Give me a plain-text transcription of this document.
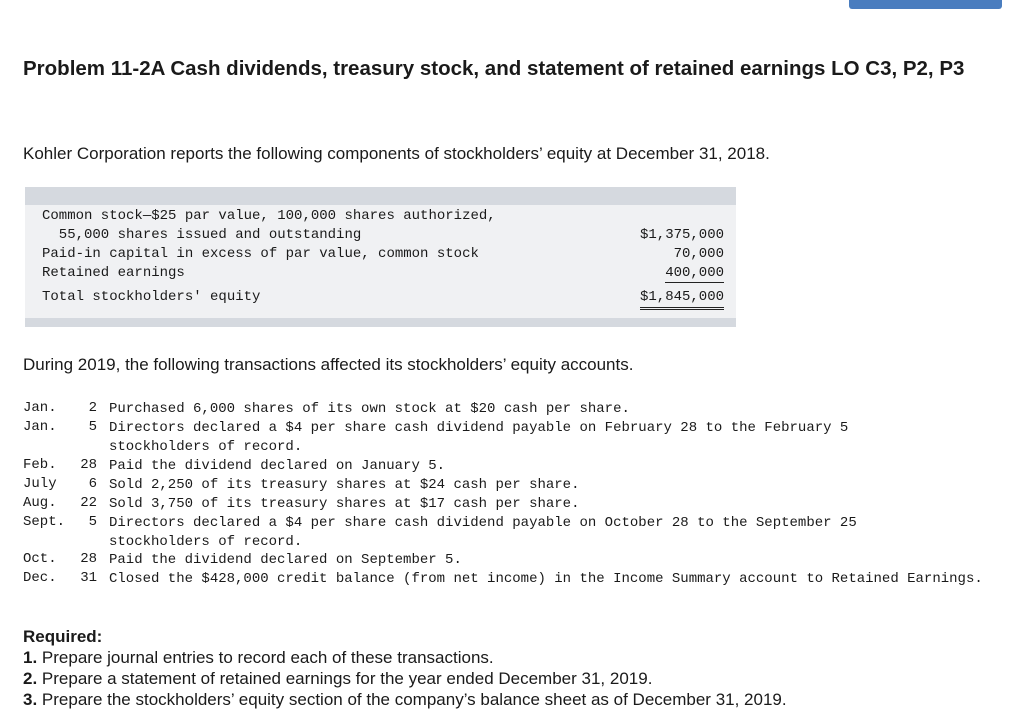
Problem 11-2A Cash dividends, treasury stock, and statement of retained earnings LO C3, P2, P3

Kohler Corporation reports the following components of stockholders’ equity at December 31, 2018.

Common stock—$25 par value, 100,000 shares authorized,
55,000 shares issued and outstanding	$1,375,000
Paid-in capital in excess of par value, common stock	70,000
Retained earnings	400,000
Total stockholders' equity	$1,845,000

During 2019, the following transactions affected its stockholders’ equity accounts.

Jan.	2 Purchased 6,000 shares of its own stock at $20 cash per share.
Jan.	5 Directors declared a $4 per share cash dividend payable on February 28 to the February 5 stockholders of record.
Feb. 28 Paid the dividend declared on January 5.
July	6 Sold 2,250 of its treasury shares at $24 cash per share.
Aug. 22 Sold 3,750 of its treasury shares at $17 cash per share.
Sept.	5 Directors declared a $4 per share cash dividend payable on October 28 to the September 25 stockholders of record.
Oct. 28 Paid the dividend declared on September 5.
Dec. 31 Closed the $428,000 credit balance (from net income) in the Income Summary account to Retained Earnings.

Required:

1. Prepare journal entries to record each of these transactions.

2. Prepare a statement of retained earnings for the year ended December 31, 2019.

3. Prepare the stockholders’ equity section of the company’s balance sheet as of December 31, 2019.
